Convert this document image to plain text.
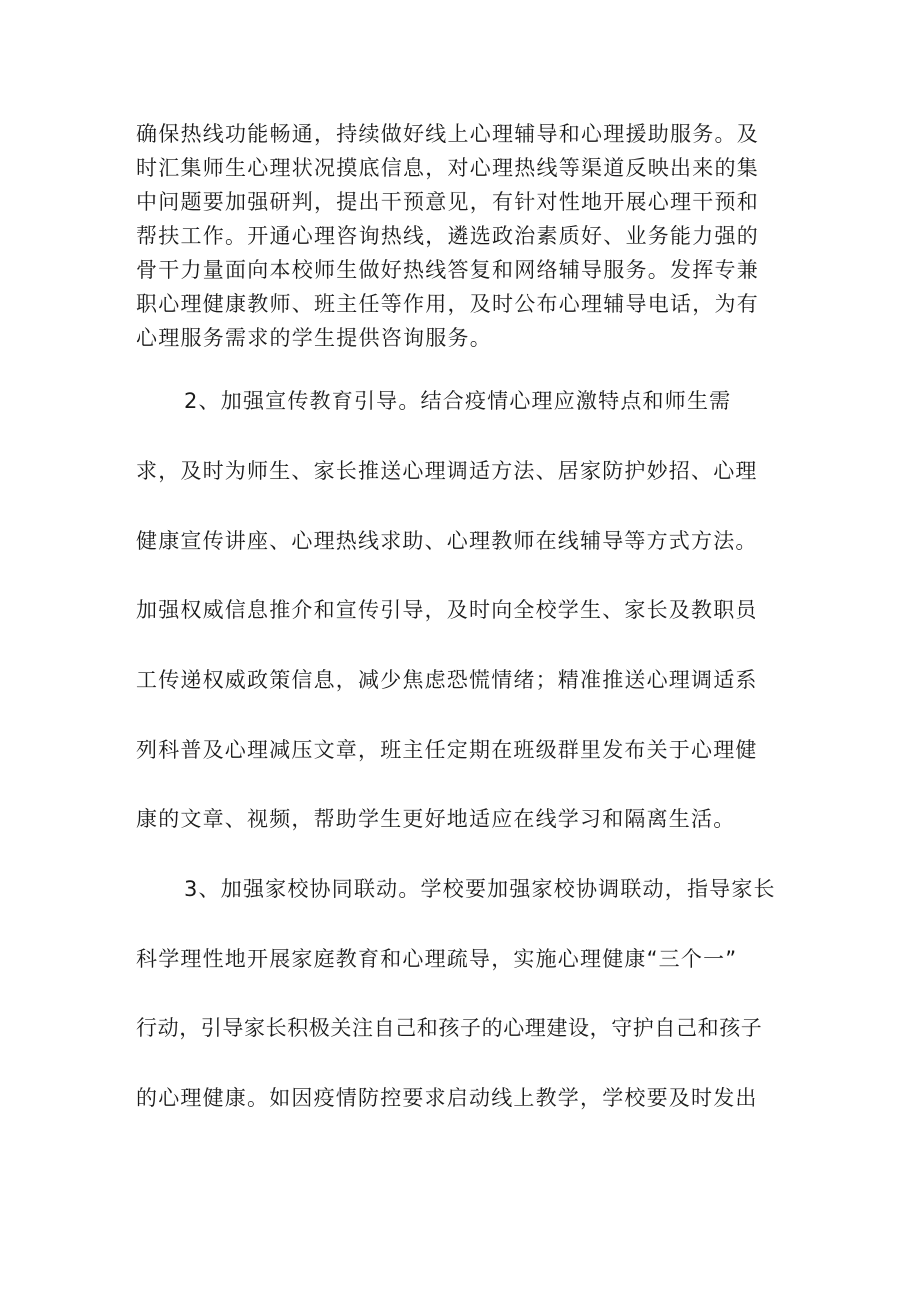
确保热线功能畅通，持续做好线上心理辅导和心理援助服务。及
时汇集师生心理状况摸底信息，对心理热线等渠道反映出来的集
中问题要加强研判，提出干预意见，有针对性地开展心理干预和
帮扶工作。开通心理咨询热线，遴选政治素质好、业务能力强的
骨干力量面向本校师生做好热线答复和网络辅导服务。发挥专兼
职心理健康教师、班主任等作用，及时公布心理辅导电话，为有
心理服务需求的学生提供咨询服务。
2、加强宣传教育引导。结合疫情心理应激特点和师生需
求，及时为师生、家长推送心理调适方法、居家防护妙招、心理
健康宣传讲座、心理热线求助、心理教师在线辅导等方式方法。
加强权威信息推介和宣传引导，及时向全校学生、家长及教职员
工传递权威政策信息，减少焦虑恐慌情绪；精准推送心理调适系
列科普及心理减压文章，班主任定期在班级群里发布关于心理健
康的文章、视频，帮助学生更好地适应在线学习和隔离生活。
3、加强家校协同联动。学校要加强家校协调联动，指导家长
科学理性地开展家庭教育和心理疏导，实施心理健康“三个一”
行动，引导家长积极关注自己和孩子的心理建设，守护自己和孩子
的心理健康。如因疫情防控要求启动线上教学，学校要及时发出
